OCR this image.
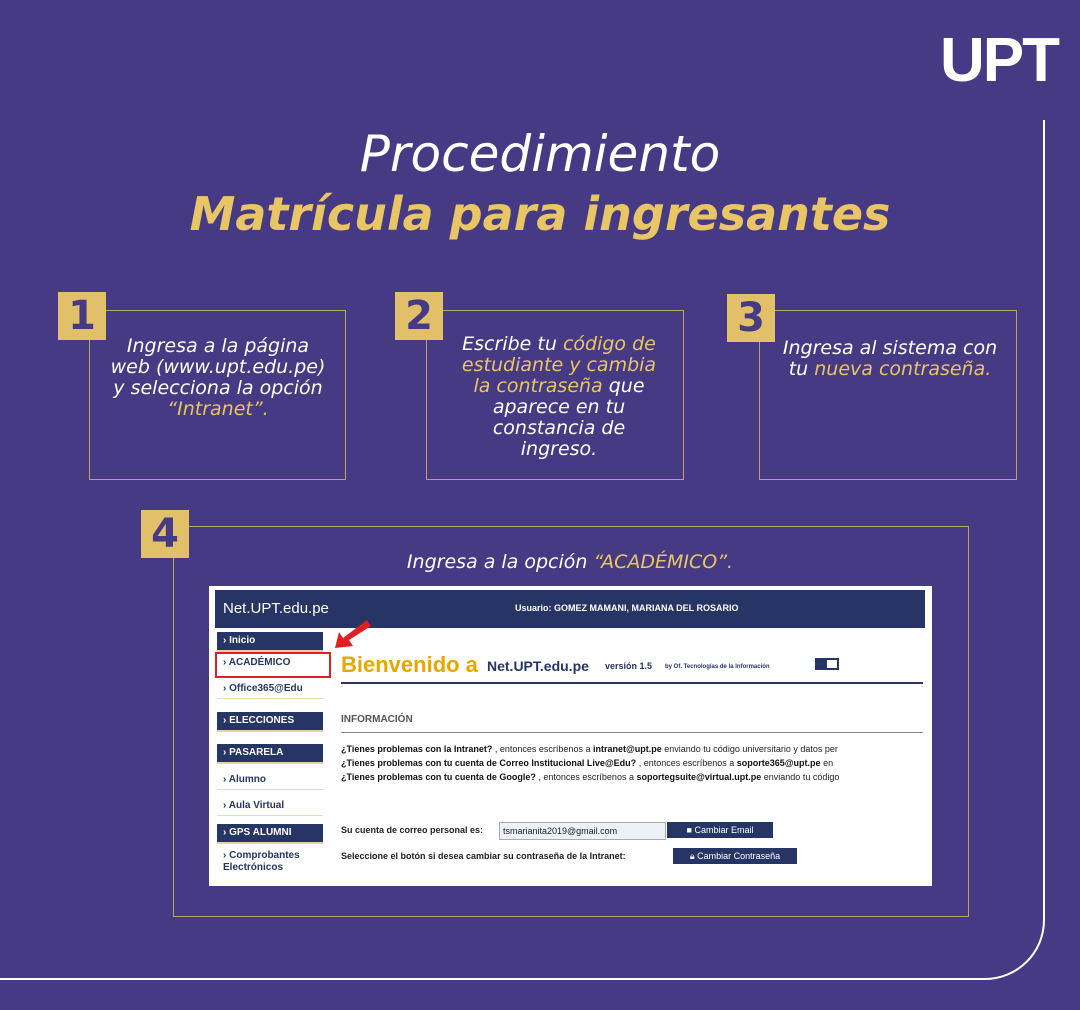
UPT
Procedimiento
Matrícula para ingresantes
1
Ingresa a la página web (www.upt.edu.pe) y selecciona la opción “Intranet”.
2
Escribe tu código de estudiante y cambia la contraseña que aparece en tu constancia de ingreso.
3
Ingresa al sistema con tu nueva contraseña.
4
Ingresa a la opción “ACADÉMICO”.
Net.UPT.edu.pe	Usuario: GOMEZ MAMANI, MARIANA DEL ROSARIO
› Inicio
› ACADÉMICO
› Office365@Edu
› ELECCIONES
› PASARELA
› Alumno
› Aula Virtual
› GPS ALUMNI
› Comprobantes Electrónicos
Bienvenido a Net.UPT.edu.pe versión 1.5 by Of. Tecnologías de la Información
INFORMACIÓN
¿Tienes problemas con la Intranet? , entonces escríbenos a intranet@upt.pe enviando tu código universitario y datos per
¿Tienes problemas con tu cuenta de Correo Institucional Live@Edu? , entonces escríbenos a soporte365@upt.pe en
¿Tienes problemas con tu cuenta de Google? , entonces escríbenos a soportegsuite@virtual.upt.pe enviando tu código
Su cuenta de correo personal es:	tsmarianita2019@gmail.com	■ Cambiar Email
Seleccione el botón si desea cambiar su contraseña de la Intranet:	🔒︎ Cambiar Contraseña
